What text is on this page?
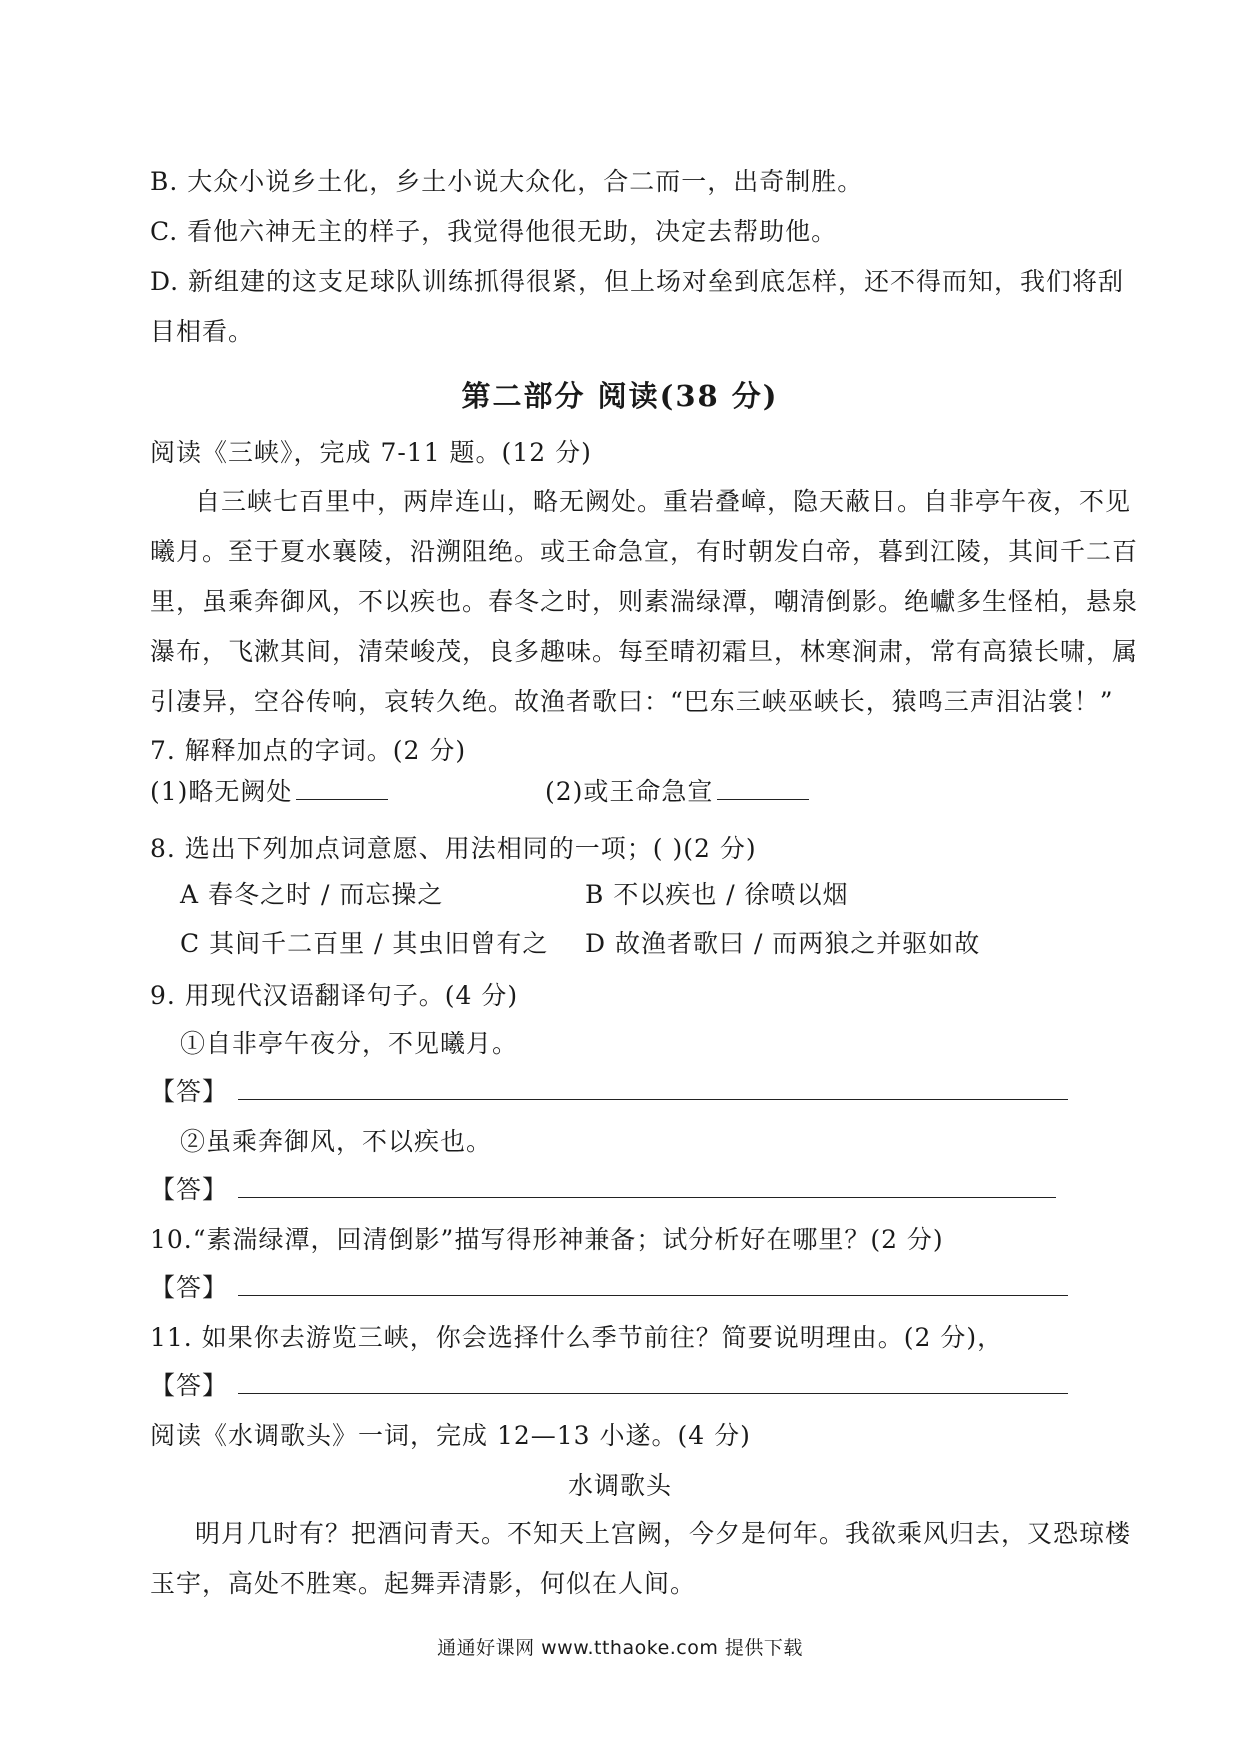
B. 大众小说乡土化，乡土小说大众化，合二而一，出奇制胜。
C. 看他六神无主的样子，我觉得他很无助，决定去帮助他。
D. 新组建的这支足球队训练抓得很紧，但上场对垒到底怎样，还不得而知，我们将刮
目相看。
第二部分 阅读(38 分)
阅读《三峡》，完成 7-11 题。(12 分)
自三峡七百里中，两岸连山，略无阙处。重岩叠嶂，隐天蔽日。自非亭午夜，不见
曦月。至于夏水襄陵，沿溯阻绝。或王命急宣，有时朝发白帝，暮到江陵，其间千二百
里，虽乘奔御风，不以疾也。春冬之时，则素湍绿潭，嘲清倒影。绝巘多生怪柏，悬泉
瀑布，飞漱其间，清荣峻茂，良多趣味。每至晴初霜旦，林寒涧肃，常有高猿长啸，属
引凄异，空谷传响，哀转久绝。故渔者歌曰：“巴东三峡巫峡长，猿鸣三声泪沾裳！”
7. 解释加点的字词。(2 分)
(1)略无阙处	(2)或王命急宣
8. 选出下列加点词意愿、用法相同的一项；( )(2 分)
A 春冬之时 / 而忘操之	B 不以疾也 / 徐喷以烟
C 其间千二百里 / 其虫旧曾有之 D 故渔者歌曰 / 而两狼之并驱如故
9. 用现代汉语翻译句子。(4 分)
①自非亭午夜分，不见曦月。
【答】
②虽乘奔御风，不以疾也。
【答】
10.“素湍绿潭，回清倒影”描写得形神兼备；试分析好在哪里？(2 分)
【答】
11. 如果你去游览三峡，你会选择什么季节前往？简要说明理由。(2 分)，
【答】
阅读《水调歌头》一词，完成 12—13 小遂。(4 分)
水调歌头
明月几时有？把酒问青天。不知天上宫阙，今夕是何年。我欲乘风归去，又恐琼楼
玉宇，高处不胜寒。起舞弄清影，何似在人间。
通通好课网 www.tthaoke.com 提供下载
